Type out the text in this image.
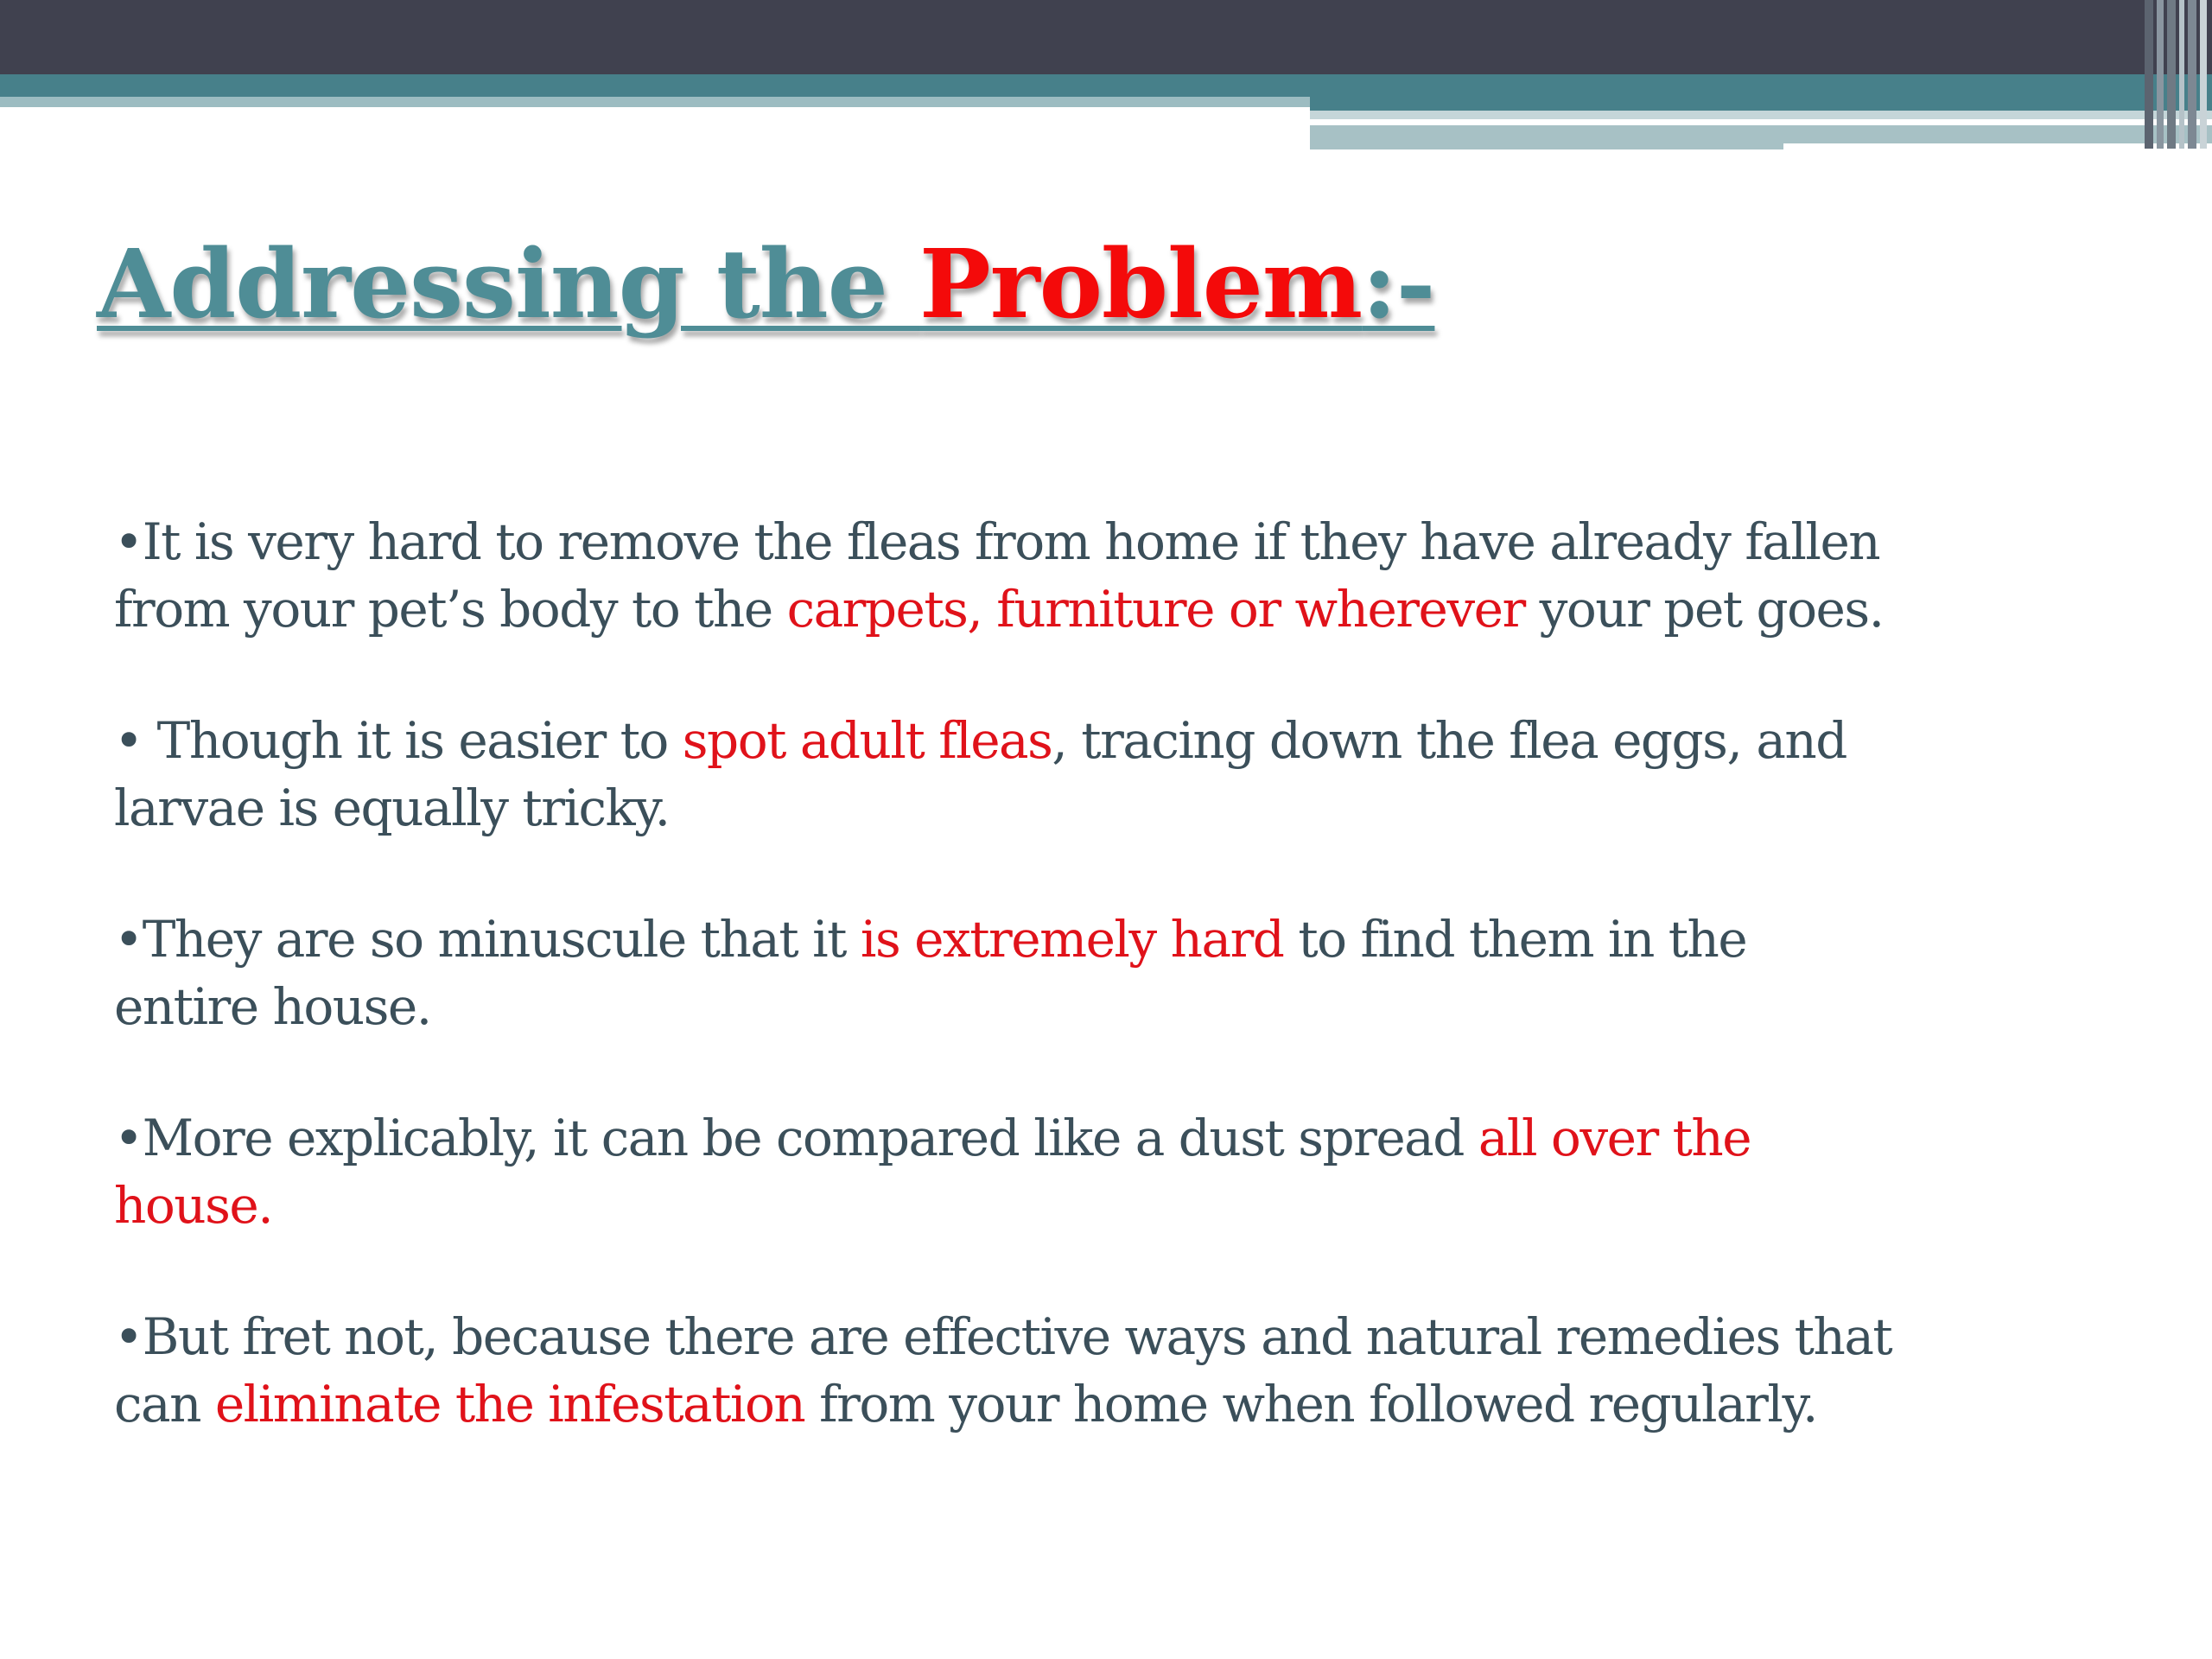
Addressing the Problem:-

•It is very hard to remove the fleas from home if they have already fallen
from your pet’s body to the carpets, furniture or wherever your pet goes.

• Though it is easier to spot adult fleas, tracing down the flea eggs, and
larvae is equally tricky.

•They are so minuscule that it is extremely hard to find them in the
entire house.

•More explicably, it can be compared like a dust spread all over the
house.

•But fret not, because there are effective ways and natural remedies that
can eliminate the infestation from your home when followed regularly.
